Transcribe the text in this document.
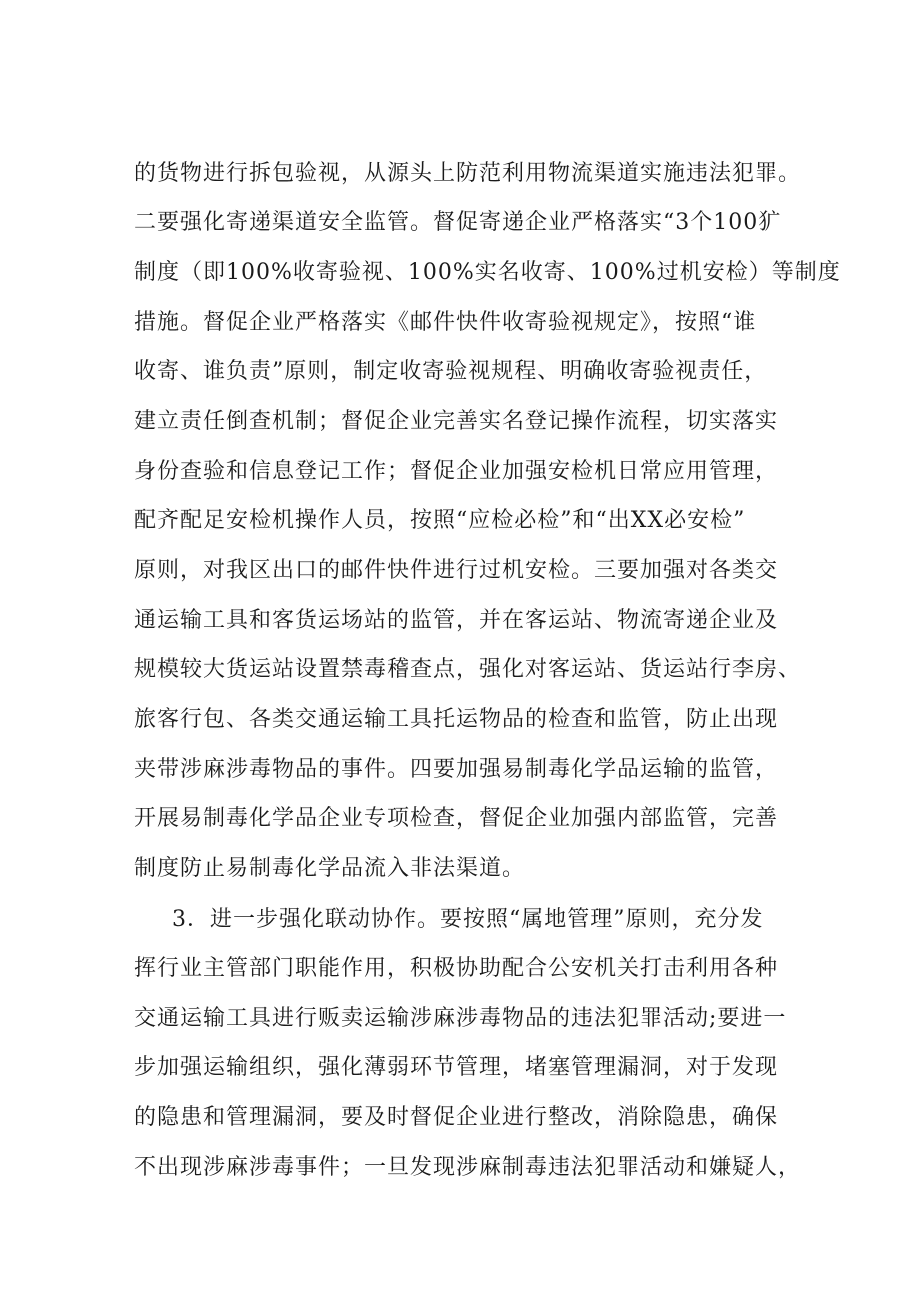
的货物进行拆包验视，从源头上防范利用物流渠道实施违法犯罪。
二要强化寄递渠道安全监管。督促寄递企业严格落实“3个100犷
制度（即100%收寄验视、100%实名收寄、100%过机安检）等制度
措施。督促企业严格落实《邮件快件收寄验视规定》，按照“谁
收寄、谁负责”原则，制定收寄验视规程、明确收寄验视责任，
建立责任倒查机制；督促企业完善实名登记操作流程，切实落实
身份查验和信息登记工作；督促企业加强安检机日常应用管理，
配齐配足安检机操作人员，按照“应检必检”和“出XX必安检”
原则，对我区出口的邮件快件进行过机安检。三要加强对各类交
通运输工具和客货运场站的监管，并在客运站、物流寄递企业及
规模较大货运站设置禁毒稽查点，强化对客运站、货运站行李房、
旅客行包、各类交通运输工具托运物品的检查和监管，防止出现
夹带涉麻涉毒物品的事件。四要加强易制毒化学品运输的监管，
开展易制毒化学品企业专项检查，督促企业加强内部监管，完善
制度防止易制毒化学品流入非法渠道。
3．进一步强化联动协作。要按照“属地管理”原则，充分发
挥行业主管部门职能作用，积极协助配合公安机关打击利用各种
交通运输工具进行贩卖运输涉麻涉毒物品的违法犯罪活动;要进一
步加强运输组织，强化薄弱环节管理，堵塞管理漏洞，对于发现
的隐患和管理漏洞，要及时督促企业进行整改，消除隐患，确保
不出现涉麻涉毒事件；一旦发现涉麻制毒违法犯罪活动和嫌疑人，
